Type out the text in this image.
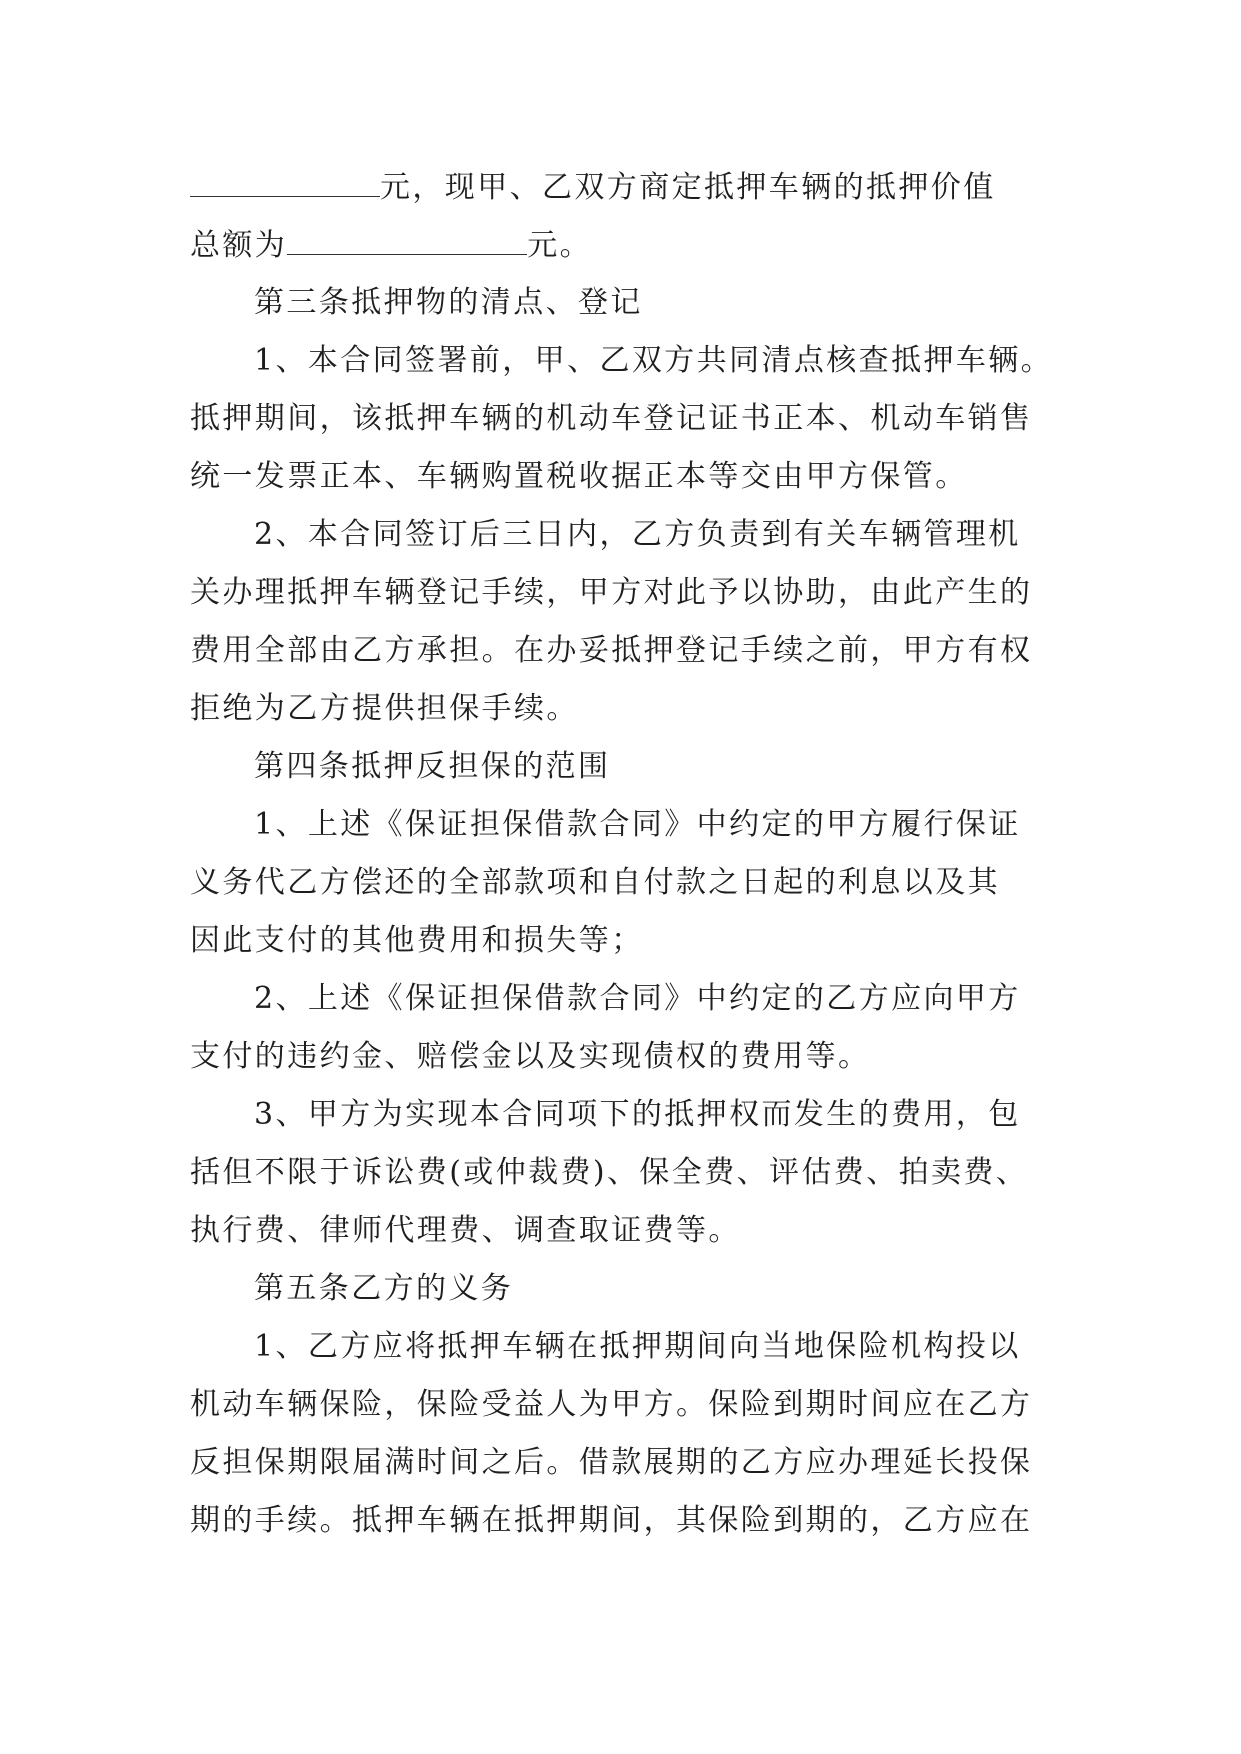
元，现甲、乙双方商定抵押车辆的抵押价值
总额为	元。
第三条抵押物的清点、登记
1、本合同签署前，甲、乙双方共同清点核查抵押车辆。
抵押期间，该抵押车辆的机动车登记证书正本、机动车销售
统一发票正本、车辆购置税收据正本等交由甲方保管。
2、本合同签订后三日内，乙方负责到有关车辆管理机
关办理抵押车辆登记手续，甲方对此予以协助，由此产生的
费用全部由乙方承担。在办妥抵押登记手续之前，甲方有权
拒绝为乙方提供担保手续。
第四条抵押反担保的范围
1、上述《保证担保借款合同》中约定的甲方履行保证
义务代乙方偿还的全部款项和自付款之日起的利息以及其
因此支付的其他费用和损失等；
2、上述《保证担保借款合同》中约定的乙方应向甲方
支付的违约金、赔偿金以及实现债权的费用等。
3、甲方为实现本合同项下的抵押权而发生的费用，包
括但不限于诉讼费(或仲裁费)、保全费、评估费、拍卖费、
执行费、律师代理费、调查取证费等。
第五条乙方的义务
1、乙方应将抵押车辆在抵押期间向当地保险机构投以
机动车辆保险，保险受益人为甲方。保险到期时间应在乙方
反担保期限届满时间之后。借款展期的乙方应办理延长投保
期的手续。抵押车辆在抵押期间，其保险到期的，乙方应在
